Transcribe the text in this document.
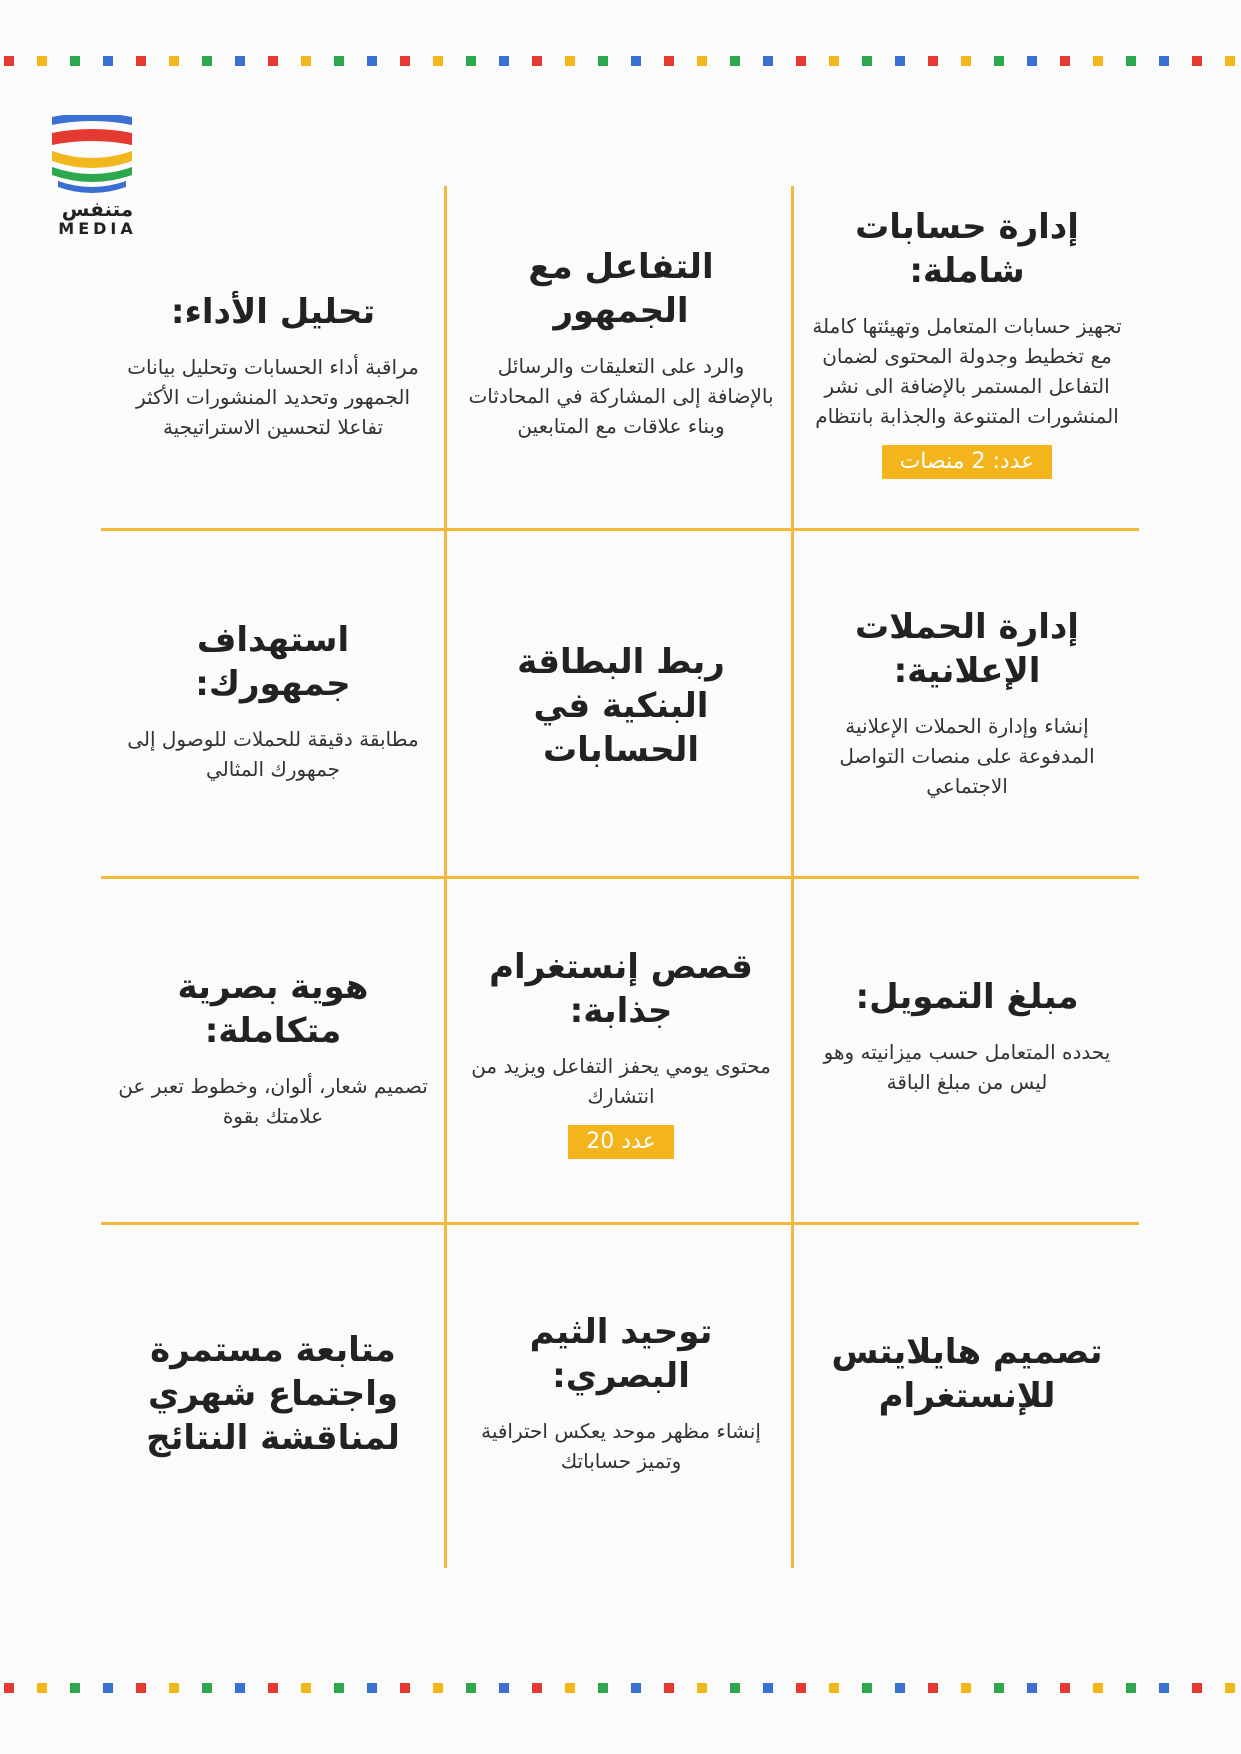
متنفس
MEDIA	إدارة حسابات شاملة:
تجهيز حسابات المتعامل وتهيئتها كاملة مع تخطيط وجدولة المحتوى لضمان التفاعل المستمر بالإضافة الى نشر المنشورات المتنوعة والجذابة بانتظام
عدد: 2 منصات
التفاعل مع الجمهور
والرد على التعليقات والرسائل بالإضافة إلى المشاركة في المحادثات وبناء علاقات مع المتابعين
تحليل الأداء:
مراقبة أداء الحسابات وتحليل بيانات الجمهور وتحديد المنشورات الأكثر تفاعلا لتحسين الاستراتيجية
إدارة الحملات الإعلانية:
إنشاء وإدارة الحملات الإعلانية المدفوعة على منصات التواصل الاجتماعي
ربط البطاقة البنكية في الحسابات
استهداف جمهورك:
مطابقة دقيقة للحملات للوصول إلى جمهورك المثالي
مبلغ التمويل:
يحدده المتعامل حسب ميزانيته وهو ليس من مبلغ الباقة
قصص إنستغرام جذابة:
محتوى يومي يحفز التفاعل ويزيد من انتشارك
عدد 20
هوية بصرية متكاملة:
تصميم شعار، ألوان، وخطوط تعبر عن علامتك بقوة
تصميم هايلايتس للإنستغرام
توحيد الثيم البصري:
إنشاء مظهر موحد يعكس احترافية وتميز حساباتك
متابعة مستمرة واجتماع شهري لمناقشة النتائج
